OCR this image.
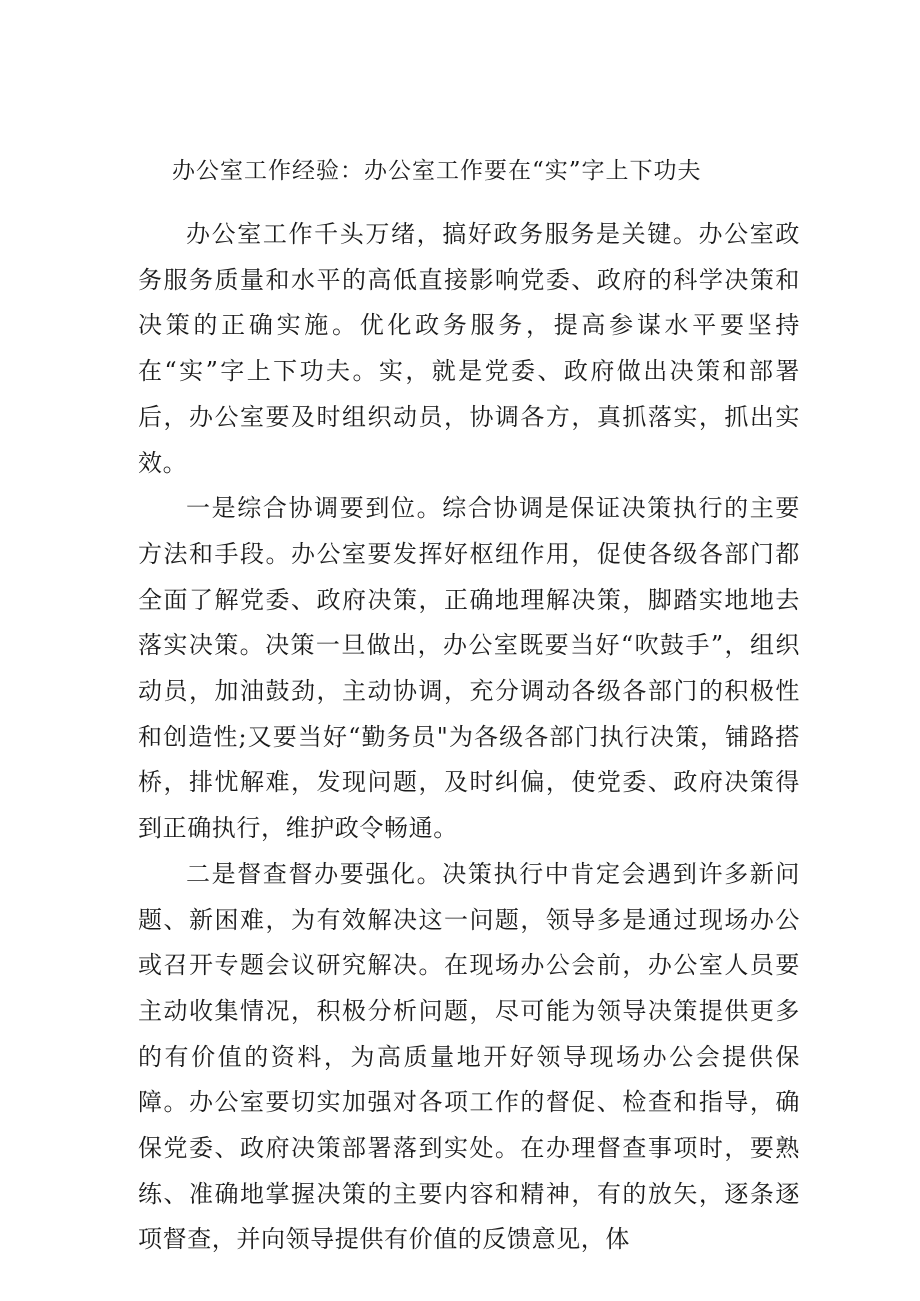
办公室工作经验：办公室工作要在“实”字上下功夫

办公室工作千头万绪，搞好政务服务是关键。办公室政务服务质量和水平的高低直接影响党委、政府的科学决策和决策的正确实施。优化政务服务，提高参谋水平要坚持在“实”字上下功夫。实，就是党委、政府做出决策和部署后，办公室要及时组织动员，协调各方，真抓落实，抓出实效。

一是综合协调要到位。综合协调是保证决策执行的主要方法和手段。办公室要发挥好枢纽作用，促使各级各部门都全面了解党委、政府决策，正确地理解决策，脚踏实地地去落实决策。决策一旦做出，办公室既要当好“吹鼓手”，组织动员，加油鼓劲，主动协调，充分调动各级各部门的积极性和创造性;又要当好“勤务员"为各级各部门执行决策，铺路搭桥，排忧解难，发现问题，及时纠偏，使党委、政府决策得到正确执行，维护政令畅通。

二是督查督办要强化。决策执行中肯定会遇到许多新问题、新困难，为有效解决这一问题，领导多是通过现场办公或召开专题会议研究解决。在现场办公会前，办公室人员要主动收集情况，积极分析问题，尽可能为领导决策提供更多的有价值的资料，为高质量地开好领导现场办公会提供保障。办公室要切实加强对各项工作的督促、检查和指导，确保党委、政府决策部署落到实处。在办理督查事项时，要熟练、准确地掌握决策的主要内容和精神，有的放矢，逐条逐项督查，并向领导提供有价值的反馈意见，体
